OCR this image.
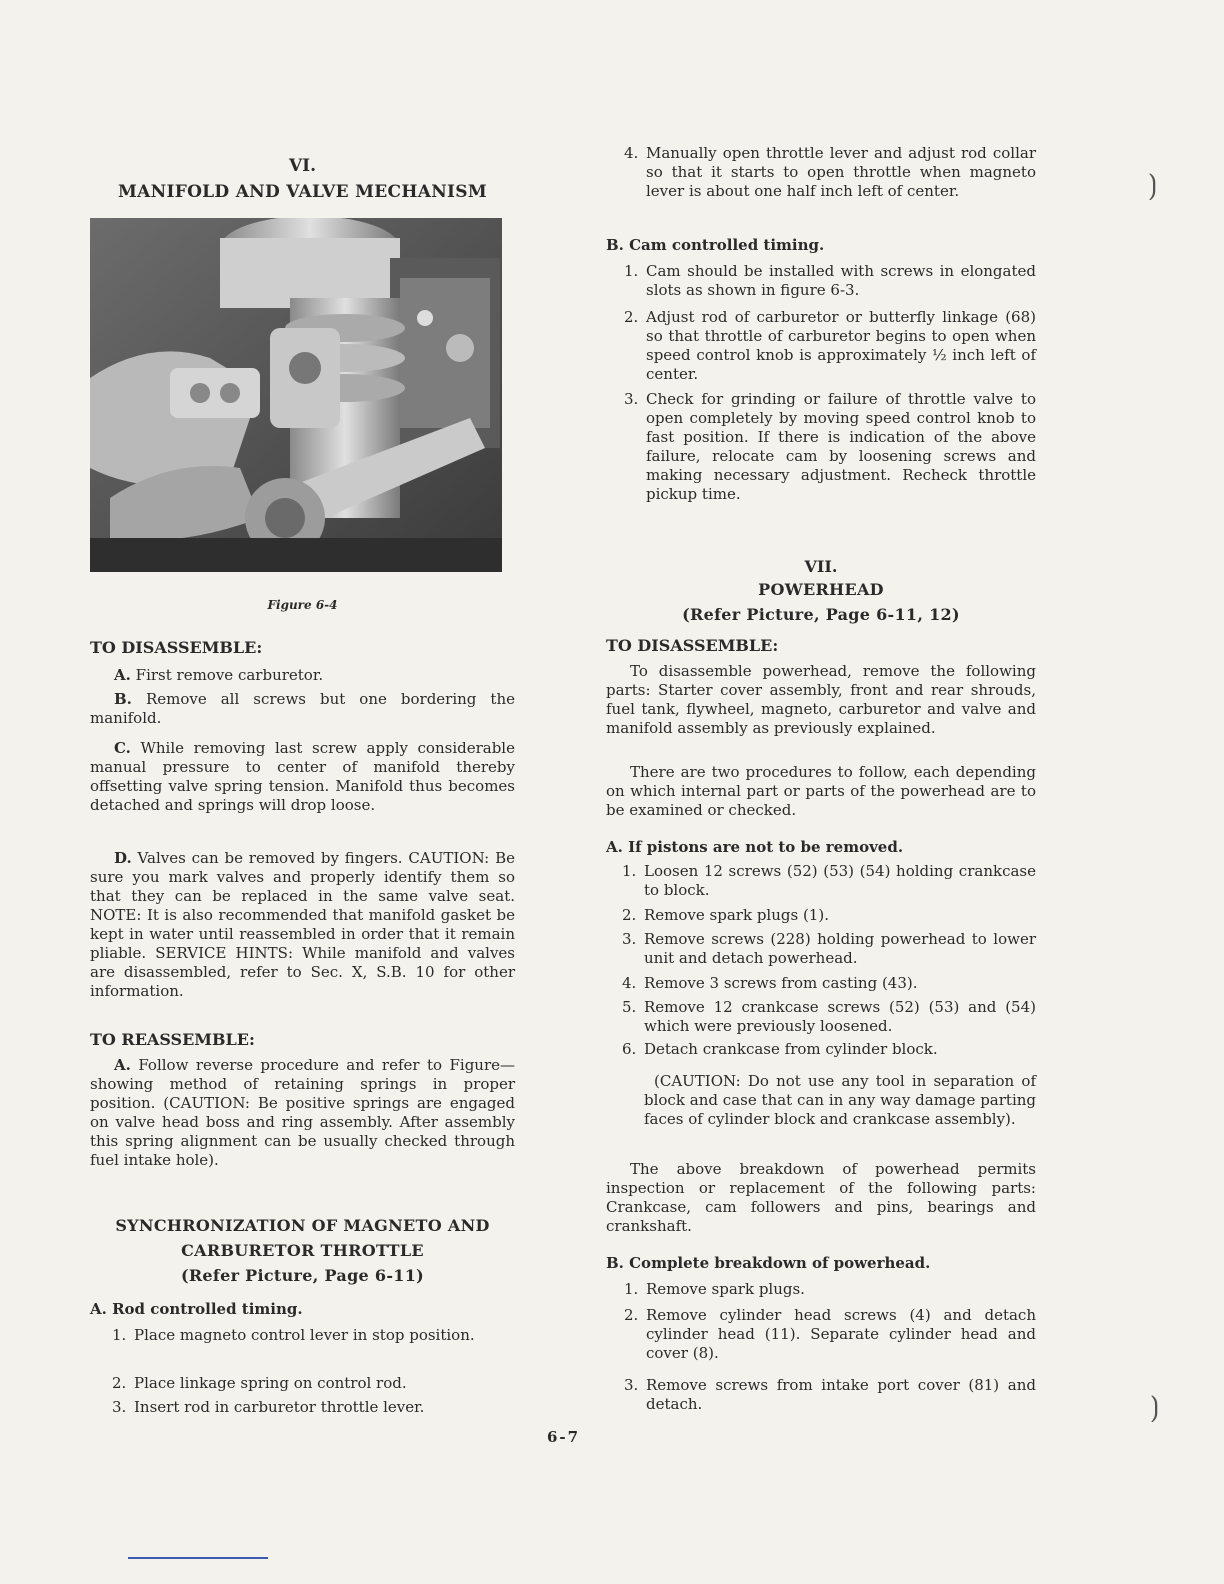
VI.
MANIFOLD AND VALVE MECHANISM
Figure 6-4
TO DISASSEMBLE:
A. First remove carburetor.
B. Remove all screws but one bordering the manifold.
C. While removing last screw apply considerable manual pressure to center of manifold thereby offsetting valve spring tension. Manifold thus becomes detached and springs will drop loose.
D. Valves can be removed by fingers. CAUTION: Be sure you mark valves and properly identify them so that they can be replaced in the same valve seat. NOTE: It is also recommended that manifold gasket be kept in water until reassembled in order that it remain pliable. SERVICE HINTS: While manifold and valves are disassembled, refer to Sec. X, S.B. 10 for other information.
TO REASSEMBLE:
A. Follow reverse procedure and refer to Figure— showing method of retaining springs in proper position. (CAUTION: Be positive springs are engaged on valve head boss and ring assembly. After assembly this spring alignment can be usually checked through fuel intake hole).
SYNCHRONIZATION OF MAGNETO AND
CARBURETOR THROTTLE
(Refer Picture, Page 6-11)
A. Rod controlled timing.
1. Place magneto control lever in stop position.
2. Place linkage spring on control rod.
3. Insert rod in carburetor throttle lever.
4. Manually open throttle lever and adjust rod collar so that it starts to open throttle when magneto lever is about one half inch left of center.
B. Cam controlled timing.
1. Cam should be installed with screws in elongated slots as shown in figure 6-3.
2. Adjust rod of carburetor or butterfly linkage (68) so that throttle of carburetor begins to open when speed control knob is approximately ½ inch left of center.
3. Check for grinding or failure of throttle valve to open completely by moving speed control knob to fast position. If there is indication of the above failure, relocate cam by loosening screws and making necessary adjustment. Recheck throttle pickup time.
VII.
POWERHEAD
(Refer Picture, Page 6-11, 12)
TO DISASSEMBLE:
To disassemble powerhead, remove the following parts: Starter cover assembly, front and rear shrouds, fuel tank, flywheel, magneto, carburetor and valve and manifold assembly as previously explained.
There are two procedures to follow, each depending on which internal part or parts of the powerhead are to be examined or checked.
A. If pistons are not to be removed.
1. Loosen 12 screws (52) (53) (54) holding crankcase to block.
2. Remove spark plugs (1).
3. Remove screws (228) holding powerhead to lower unit and detach powerhead.
4. Remove 3 screws from casting (43).
5. Remove 12 crankcase screws (52) (53) and (54) which were previously loosened.
6. Detach crankcase from cylinder block.
(CAUTION: Do not use any tool in separation of block and case that can in any way damage parting faces of cylinder block and crankcase assembly).
The above breakdown of powerhead permits inspection or replacement of the following parts: Crankcase, cam followers and pins, bearings and crankshaft.
B. Complete breakdown of powerhead.
1. Remove spark plugs.
2. Remove cylinder head screws (4) and detach cylinder head (11). Separate cylinder head and cover (8).
3. Remove screws from intake port cover (81) and detach.
6-7
⟯
⟯
